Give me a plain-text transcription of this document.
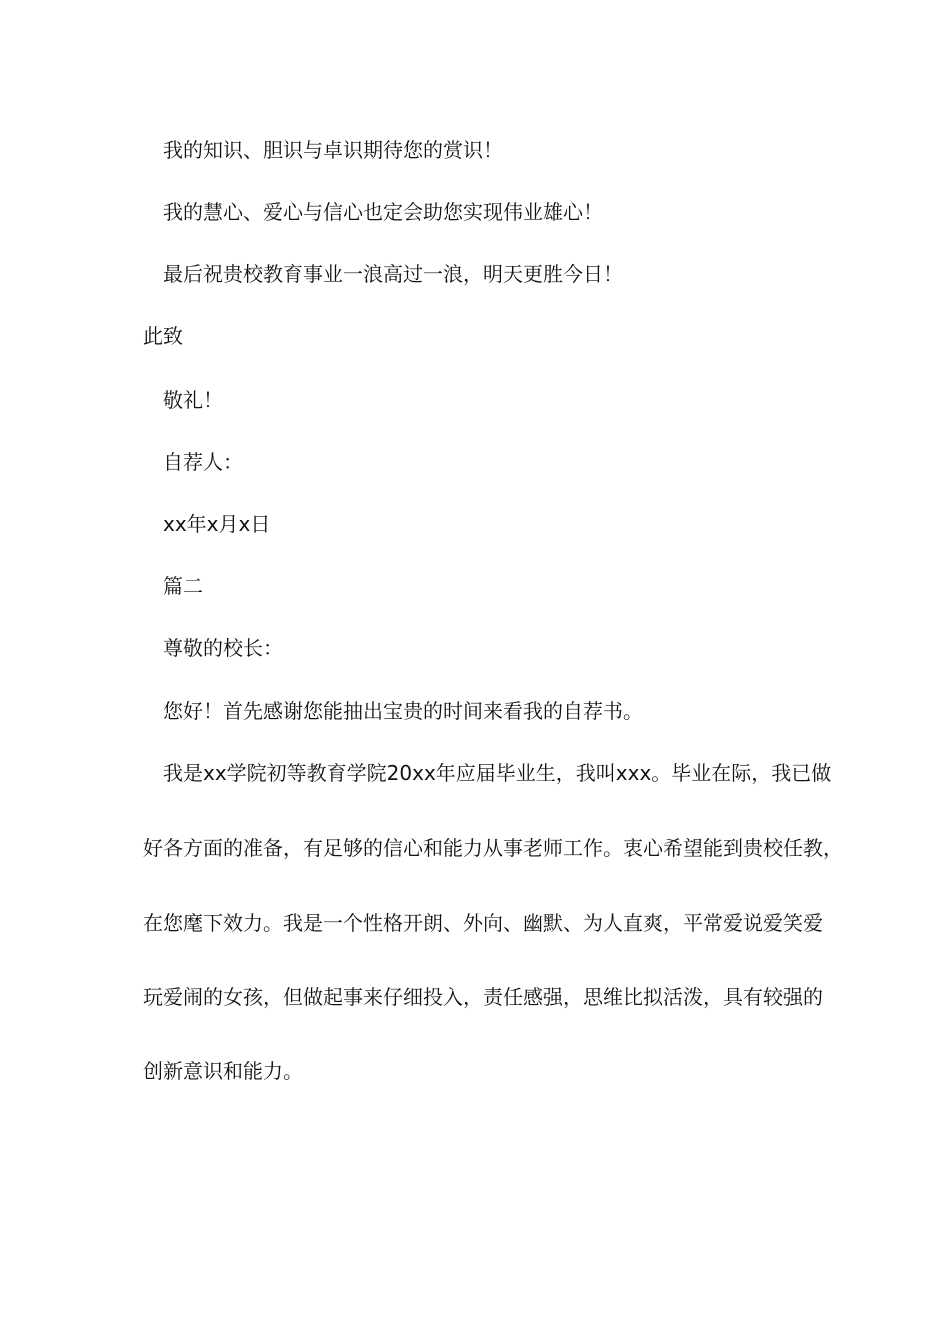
我的知识、胆识与卓识期待您的赏识！
我的慧心、爱心与信心也定会助您实现伟业雄心！
最后祝贵校教育事业一浪高过一浪，明天更胜今日！
此致
敬礼！
自荐人：
xx年x月x日
篇二
尊敬的校长：
您好！首先感谢您能抽出宝贵的时间来看我的自荐书。
我是xx学院初等教育学院20xx年应届毕业生，我叫xxx。毕业在际，我已做
好各方面的准备，有足够的信心和能力从事老师工作。衷心希望能到贵校任教，
在您麾下效力。我是一个性格开朗、外向、幽默、为人直爽，平常爱说爱笑爱
玩爱闹的女孩，但做起事来仔细投入，责任感强，思维比拟活泼，具有较强的
创新意识和能力。
